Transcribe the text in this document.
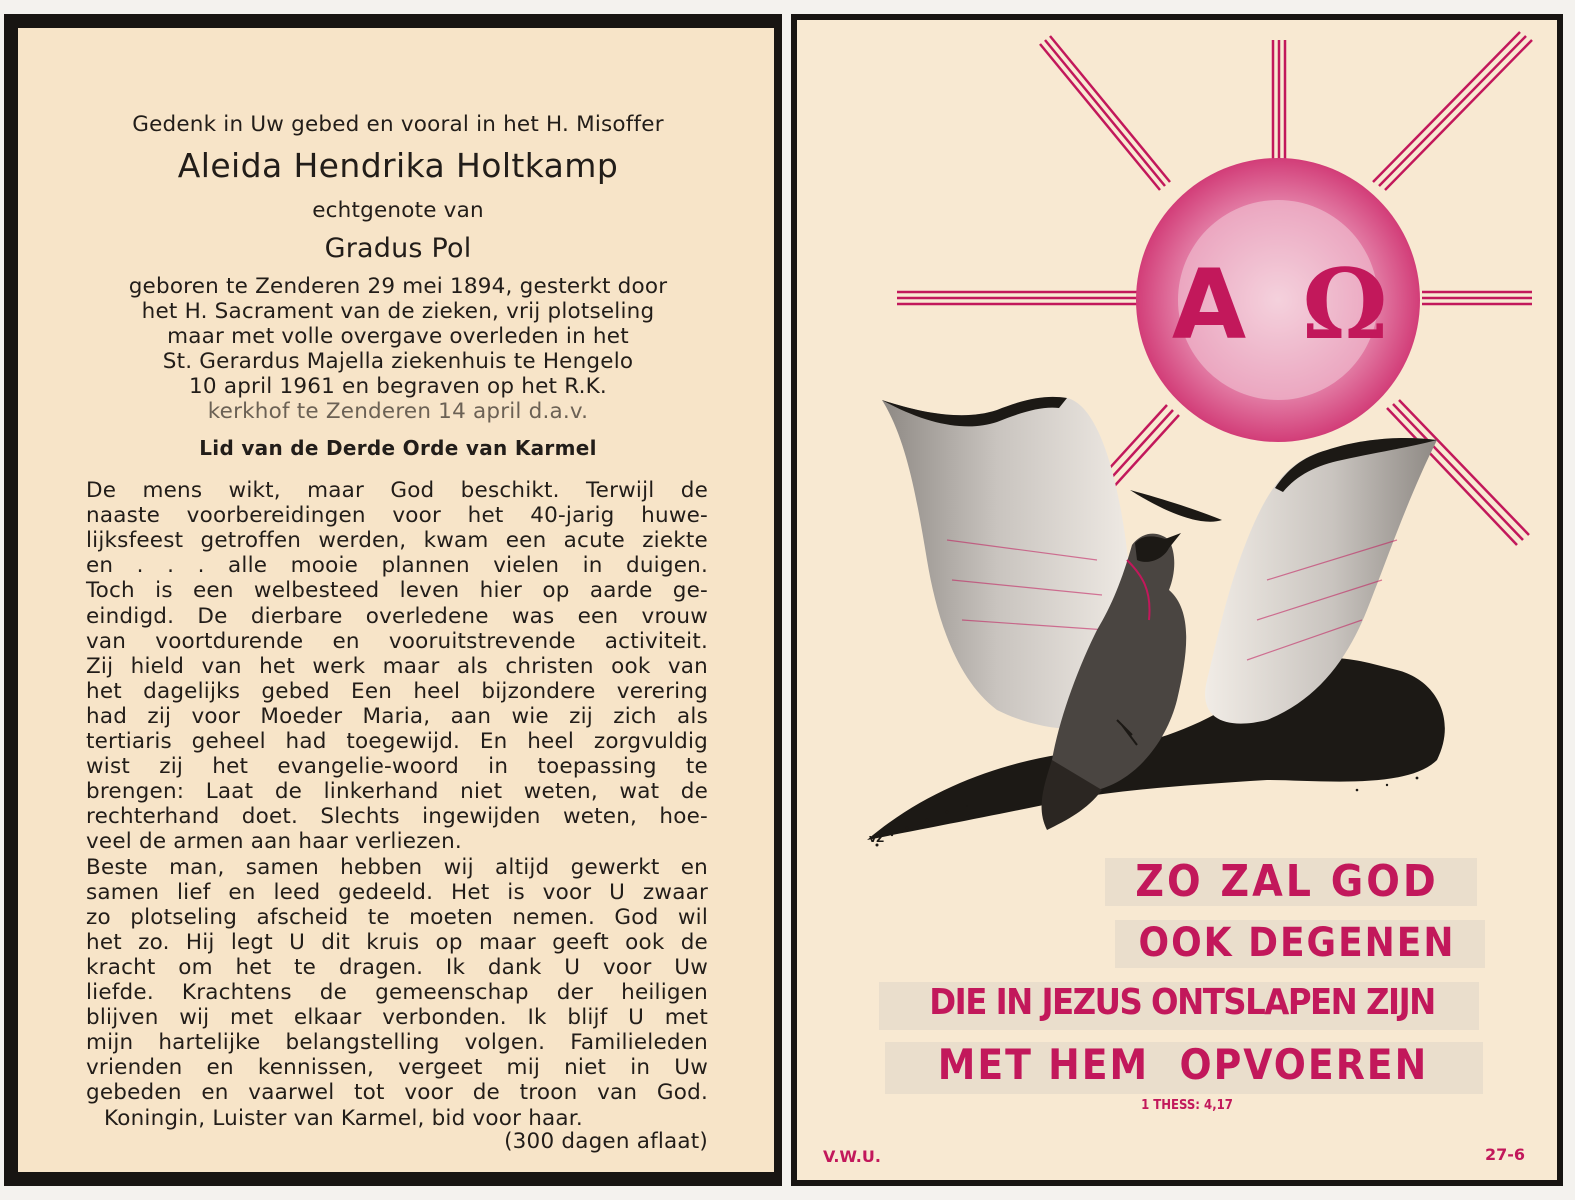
Gedenk in Uw gebed en vooral in het H. Misoffer
Aleida Hendrika Holtkamp
echtgenote van
Gradus Pol
geboren te Zenderen 29 mei 1894, gesterkt door
het H. Sacrament van de zieken, vrij plotseling
maar met volle overgave overleden in het
St. Gerardus Majella ziekenhuis te Hengelo
10 april 1961 en begraven op het R.K.
kerkhof te Zenderen 14 april d.a.v.
Lid van de Derde Orde van Karmel
De mens wikt, maar God beschikt. Terwijl de
naaste voorbereidingen voor het 40-jarig huwe-
lijksfeest getroffen werden, kwam een acute ziekte
en . . . alle mooie plannen vielen in duigen.
Toch is een welbesteed leven hier op aarde ge-
eindigd. De dierbare overledene was een vrouw
van voortdurende en vooruitstrevende activiteit.
Zij hield van het werk maar als christen ook van
het dagelijks gebed Een heel bijzondere verering
had zij voor Moeder Maria, aan wie zij zich als
tertiaris geheel had toegewijd. En heel zorgvuldig
wist zij het evangelie-woord in toepassing te
brengen: Laat de linkerhand niet weten, wat de
rechterhand doet. Slechts ingewijden weten, hoe-
veel de armen aan haar verliezen.
Beste man, samen hebben wij altijd gewerkt en
samen lief en leed gedeeld. Het is voor U zwaar
zo plotseling afscheid te moeten nemen. God wil
het zo. Hij legt U dit kruis op maar geeft ook de
kracht om het te dragen. Ik dank U voor Uw
liefde. Krachtens de gemeenschap der heiligen
blijven wij met elkaar verbonden. Ik blijf U met
mijn hartelijke belangstelling volgen. Familieleden
vrienden en kennissen, vergeet mij niet in Uw
gebeden en vaarwel tot voor de troon van God.
Koningin, Luister van Karmel, bid voor haar.
(300 dagen aflaat)
A Ω
vZ
ZO ZAL GOD
OOK DEGENEN
DIE IN JEZUS ONTSLAPEN ZIJN
MET HEM  OPVOEREN
1 THESS: 4,17
V.W.U.	27-6
